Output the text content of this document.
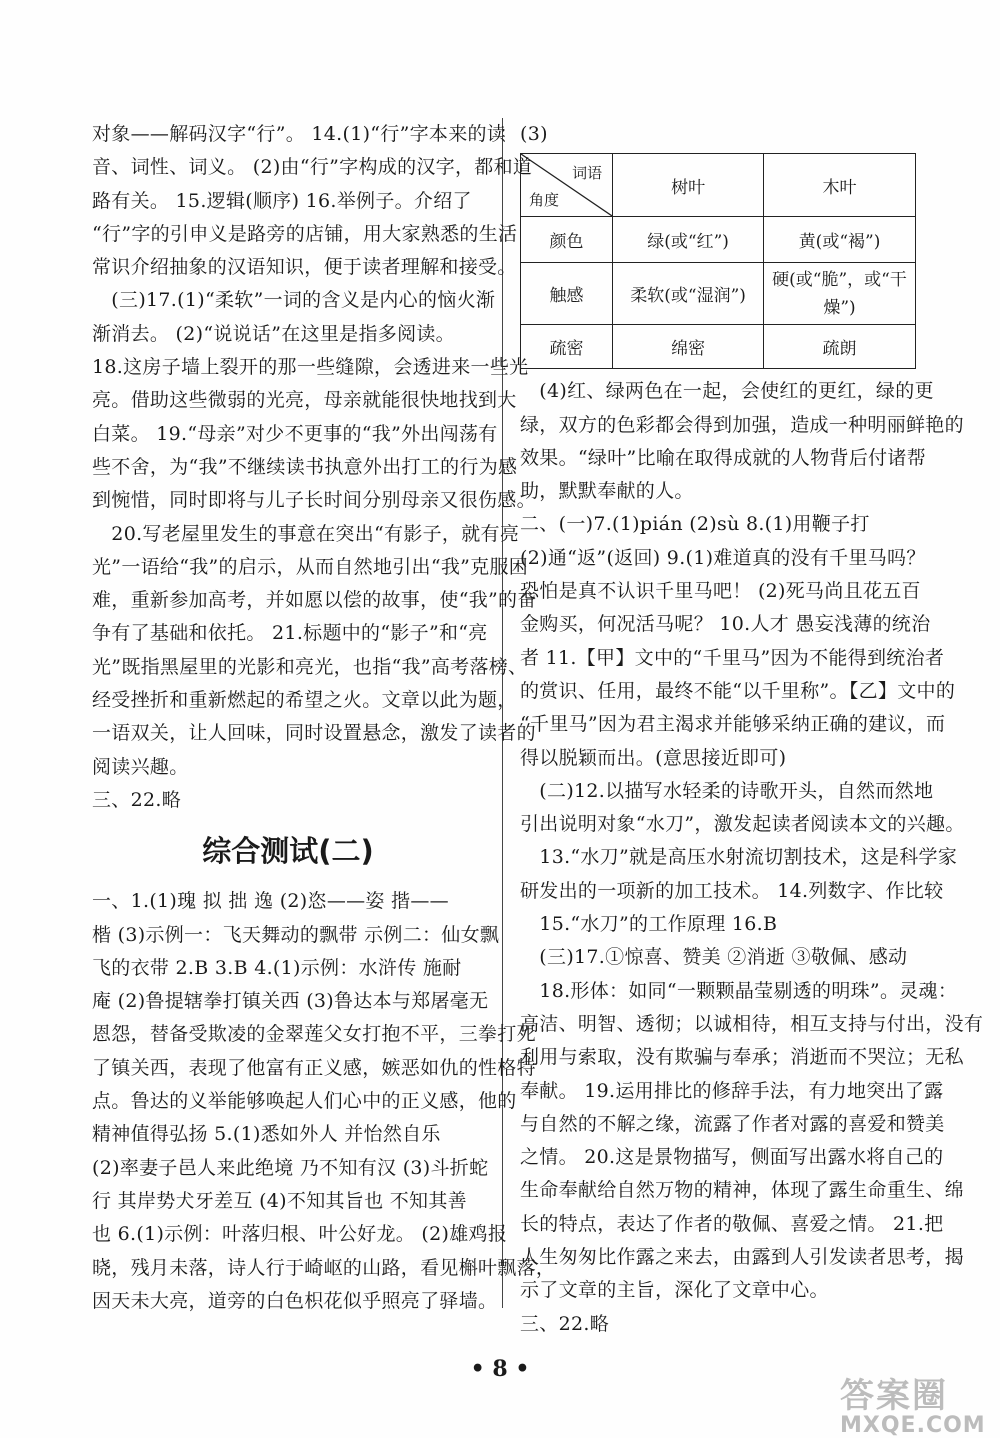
对象——解码汉字“行”。 14.(1)“行”字本来的读
音、词性、词义。 (2)由“行”字构成的汉字，都和道
路有关。 15.逻辑(顺序) 16.举例子。介绍了
“行”字的引申义是路旁的店铺，用大家熟悉的生活
常识介绍抽象的汉语知识，便于读者理解和接受。
　(三)17.(1)“柔软”一词的含义是内心的恼火渐
渐消去。 (2)“说说话”在这里是指多阅读。
18.这房子墙上裂开的那一些缝隙，会透进来一些光
亮。借助这些微弱的光亮，母亲就能很快地找到大
白菜。 19.“母亲”对少不更事的“我”外出闯荡有
些不舍，为“我”不继续读书执意外出打工的行为感
到惋惜，同时即将与儿子长时间分别母亲又很伤感。
　20.写老屋里发生的事意在突出“有影子，就有亮
光”一语给“我”的启示，从而自然地引出“我”克服困
难，重新参加高考，并如愿以偿的故事，使“我”的奋
争有了基础和依托。 21.标题中的“影子”和“亮
光”既指黑屋里的光影和亮光，也指“我”高考落榜、
经受挫折和重新燃起的希望之火。文章以此为题，
一语双关，让人回味，同时设置悬念，激发了读者的
阅读兴趣。
三、22.略
综合测试(二)
一、1.(1)瑰 拟 拙 逸 (2)恣——姿 揩——
楷 (3)示例一：飞天舞动的飘带 示例二：仙女飘
飞的衣带 2.B 3.B 4.(1)示例：水浒传 施耐
庵 (2)鲁提辖拳打镇关西 (3)鲁达本与郑屠毫无
恩怨，替备受欺凌的金翠莲父女打抱不平，三拳打死
了镇关西，表现了他富有正义感，嫉恶如仇的性格特
点。鲁达的义举能够唤起人们心中的正义感，他的
精神值得弘扬 5.(1)悉如外人 并怡然自乐
(2)率妻子邑人来此绝境 乃不知有汉 (3)斗折蛇
行 其岸势犬牙差互 (4)不知其旨也 不知其善
也 6.(1)示例：叶落归根、叶公好龙。 (2)雄鸡报
晓，残月未落，诗人行于崎岖的山路，看见槲叶飘落，
因天未大亮，道旁的白色枳花似乎照亮了驿墙。
(3)
词语
角度	树叶	木叶
颜色	绿(或“红”)	黄(或“褐”)
触感	柔软(或“湿润”)	硬(或“脆”，或“干燥”)
疏密	绵密	疏朗
　(4)红、绿两色在一起，会使红的更红，绿的更
绿，双方的色彩都会得到加强，造成一种明丽鲜艳的
效果。“绿叶”比喻在取得成就的人物背后付诸帮
助，默默奉献的人。
二、(一)7.(1)pián (2)sù 8.(1)用鞭子打
(2)通“返”(返回) 9.(1)难道真的没有千里马吗？
恐怕是真不认识千里马吧！ (2)死马尚且花五百
金购买，何况活马呢？ 10.人才 愚妄浅薄的统治
者 11.【甲】文中的“千里马”因为不能得到统治者
的赏识、任用，最终不能“以千里称”。【乙】文中的
“千里马”因为君主渴求并能够采纳正确的建议，而
得以脱颖而出。(意思接近即可)
　(二)12.以描写水轻柔的诗歌开头，自然而然地
引出说明对象“水刀”，激发起读者阅读本文的兴趣。
　13.“水刀”就是高压水射流切割技术，这是科学家
研发出的一项新的加工技术。 14.列数字、作比较
　15.“水刀”的工作原理 16.B
　(三)17.①惊喜、赞美 ②消逝 ③敬佩、感动
　18.形体：如同“一颗颗晶莹剔透的明珠”。灵魂：
高洁、明智、透彻；以诚相待，相互支持与付出，没有
利用与索取，没有欺骗与奉承；消逝而不哭泣；无私
奉献。 19.运用排比的修辞手法，有力地突出了露
与自然的不解之缘，流露了作者对露的喜爱和赞美
之情。 20.这是景物描写，侧面写出露水将自己的
生命奉献给自然万物的精神，体现了露生命重生、绵
长的特点，表达了作者的敬佩、喜爱之情。 21.把
人生匆匆比作露之来去，由露到人引发读者思考，揭
示了文章的主旨，深化了文章中心。
三、22.略
• 8 •
答案圈
MXQE.COM
